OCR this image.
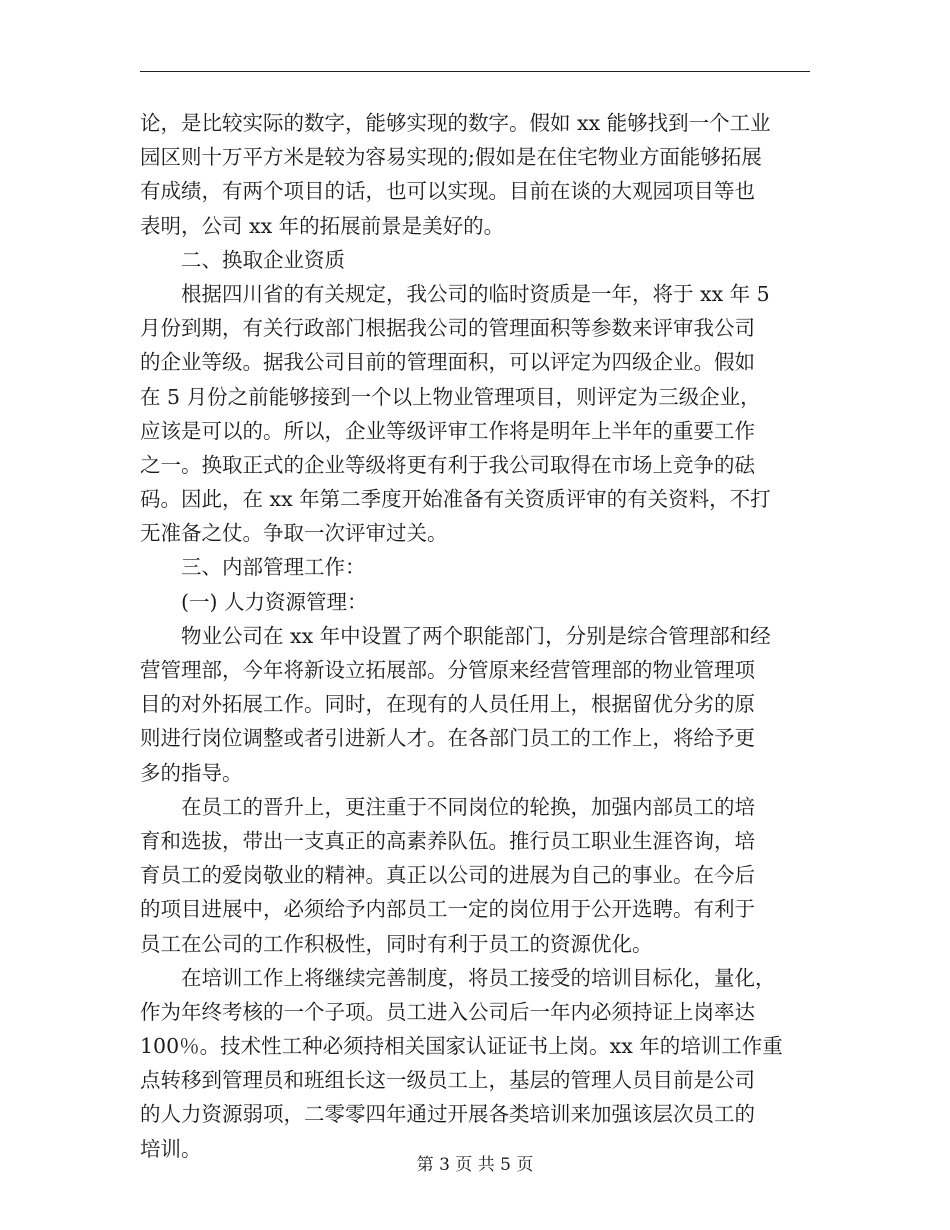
论，是比较实际的数字，能够实现的数字。假如 xx 能够找到一个工业
园区则十万平方米是较为容易实现的;假如是在住宅物业方面能够拓展
有成绩，有两个项目的话，也可以实现。目前在谈的大观园项目等也
表明，公司 xx 年的拓展前景是美好的。
　　二、换取企业资质
　　根据四川省的有关规定，我公司的临时资质是一年，将于 xx 年 5
月份到期，有关行政部门根据我公司的管理面积等参数来评审我公司
的企业等级。据我公司目前的管理面积，可以评定为四级企业。假如
在 5 月份之前能够接到一个以上物业管理项目，则评定为三级企业，
应该是可以的。所以，企业等级评审工作将是明年上半年的重要工作
之一。换取正式的企业等级将更有利于我公司取得在市场上竞争的砝
码。因此，在 xx 年第二季度开始准备有关资质评审的有关资料，不打
无准备之仗。争取一次评审过关。
　　三、内部管理工作：
　　(一) 人力资源管理：
　　物业公司在 xx 年中设置了两个职能部门，分别是综合管理部和经
营管理部，今年将新设立拓展部。分管原来经营管理部的物业管理项
目的对外拓展工作。同时，在现有的人员任用上，根据留优分劣的原
则进行岗位调整或者引进新人才。在各部门员工的工作上，将给予更
多的指导。
　　在员工的晋升上，更注重于不同岗位的轮换，加强内部员工的培
育和选拔，带出一支真正的高素养队伍。推行员工职业生涯咨询，培
育员工的爱岗敬业的精神。真正以公司的进展为自己的事业。在今后
的项目进展中，必须给予内部员工一定的岗位用于公开选聘。有利于
员工在公司的工作积极性，同时有利于员工的资源优化。
　　在培训工作上将继续完善制度，将员工接受的培训目标化，量化，
作为年终考核的一个子项。员工进入公司后一年内必须持证上岗率达
100％。技术性工种必须持相关国家认证证书上岗。xx 年的培训工作重
点转移到管理员和班组长这一级员工上，基层的管理人员目前是公司
的人力资源弱项，二零零四年通过开展各类培训来加强该层次员工的
培训。
第 3 页 共 5 页
